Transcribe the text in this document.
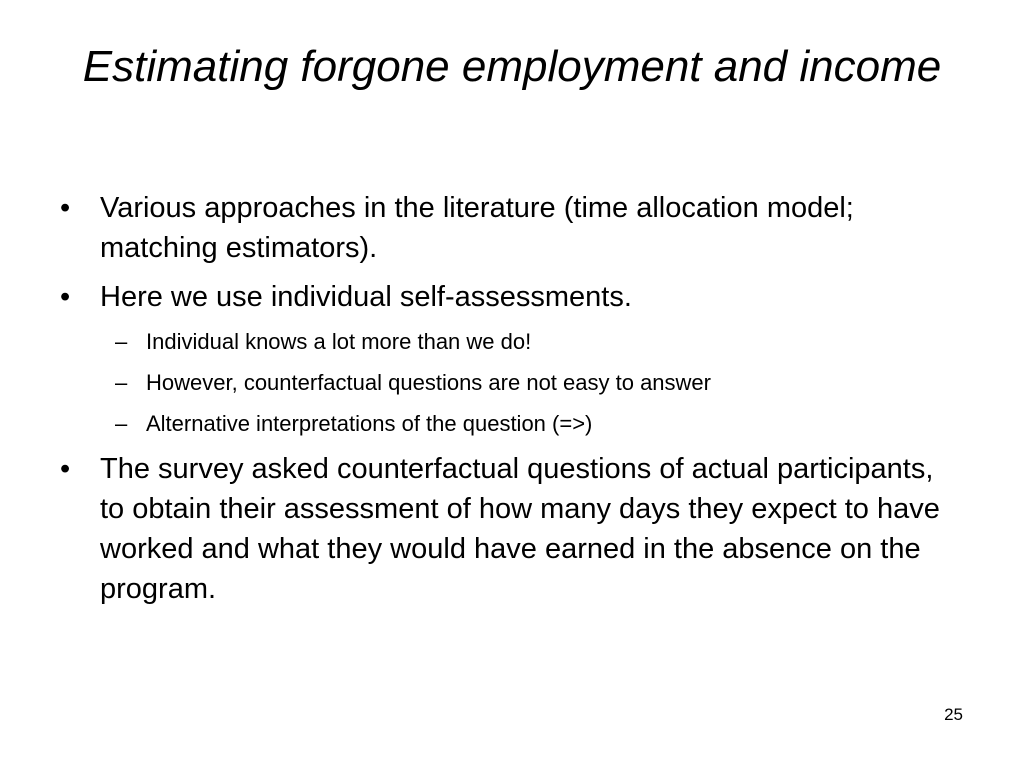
Estimating forgone employment and income
•	Various approaches in the literature (time allocation model; matching estimators).
•	Here we use individual self-assessments.
– Individual knows a lot more than we do!
– However, counterfactual questions are not easy to answer
– Alternative interpretations of the question (=>)
•	The survey asked counterfactual questions of actual participants, to obtain their assessment of how many days they expect to have worked and what they would have earned in the absence on the program.
25
